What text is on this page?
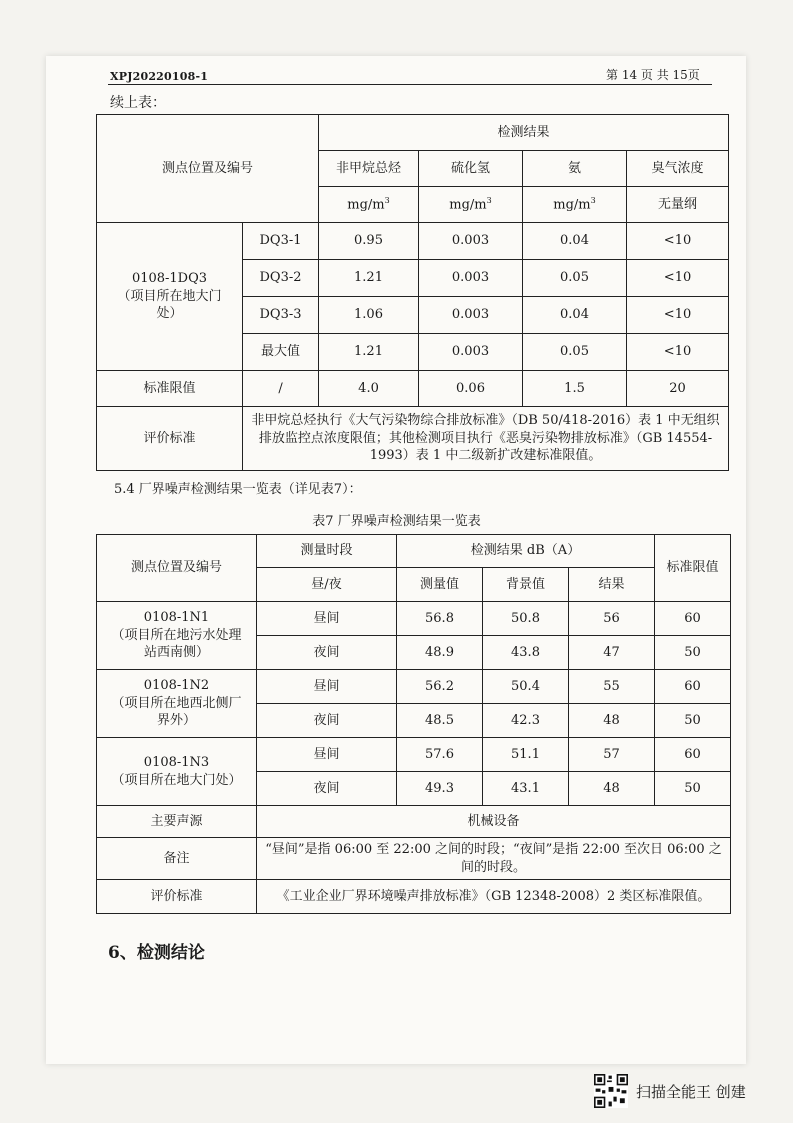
XPJ20220108-1	第 14 页 共 15页
续上表：
测点位置及编号		检测结果			
		非甲烷总烃	硫化氢	氨	臭气浓度
		$mg/m^3$	$mg/m^3$	$mg/m^3$	无量纲

0108-1DQ3
（项目所在地大门
处）	DQ3-1	0.95	0.003	0.04	<10
	DQ3-2	1.21	0.003	0.05	<10
	DQ3-3	1.06	0.003	0.04	<10
	最大值	1.21	0.003	0.05	<10
标准限值	/	4.0	0.06	1.5	20
评价标准	非甲烷总烃执行《大气污染物综合排放标准》（DB 50/418-2016）表 1 中无组织排放监控点浓度限值；其他检测项目执行《恶臭污染物排放标准》（GB 14554-1993）表 1 中二级新扩改建标准限值。				
5.4 厂界噪声检测结果一览表（详见表7）：
表7 厂界噪声检测结果一览表
测点位置及编号	测量时段	检测结果 dB（A）			标准限值
	昼/夜	测量值	背景值	结果	

0108-1N1
（项目所在地污水处理
站西南侧）	昼间	56.8	50.8	56	60
	夜间	48.9	43.8	47	50

0108-1N2
（项目所在地西北侧厂
界外）	昼间	56.2	50.4	55	60
	夜间	48.5	42.3	48	50

0108-1N3
（项目所在地大门处）	昼间	57.6	51.1	57	60
	夜间	49.3	43.1	48	50
主要声源	机械设备				
备注	“昼间”是指 06:00 至 22:00 之间的时段；“夜间”是指 22:00 至次日 06:00 之间的时段。				
评价标准	《工业企业厂界环境噪声排放标准》（GB 12348-2008）2 类区标准限值。				
6、检测结论
扫描全能王 创建
